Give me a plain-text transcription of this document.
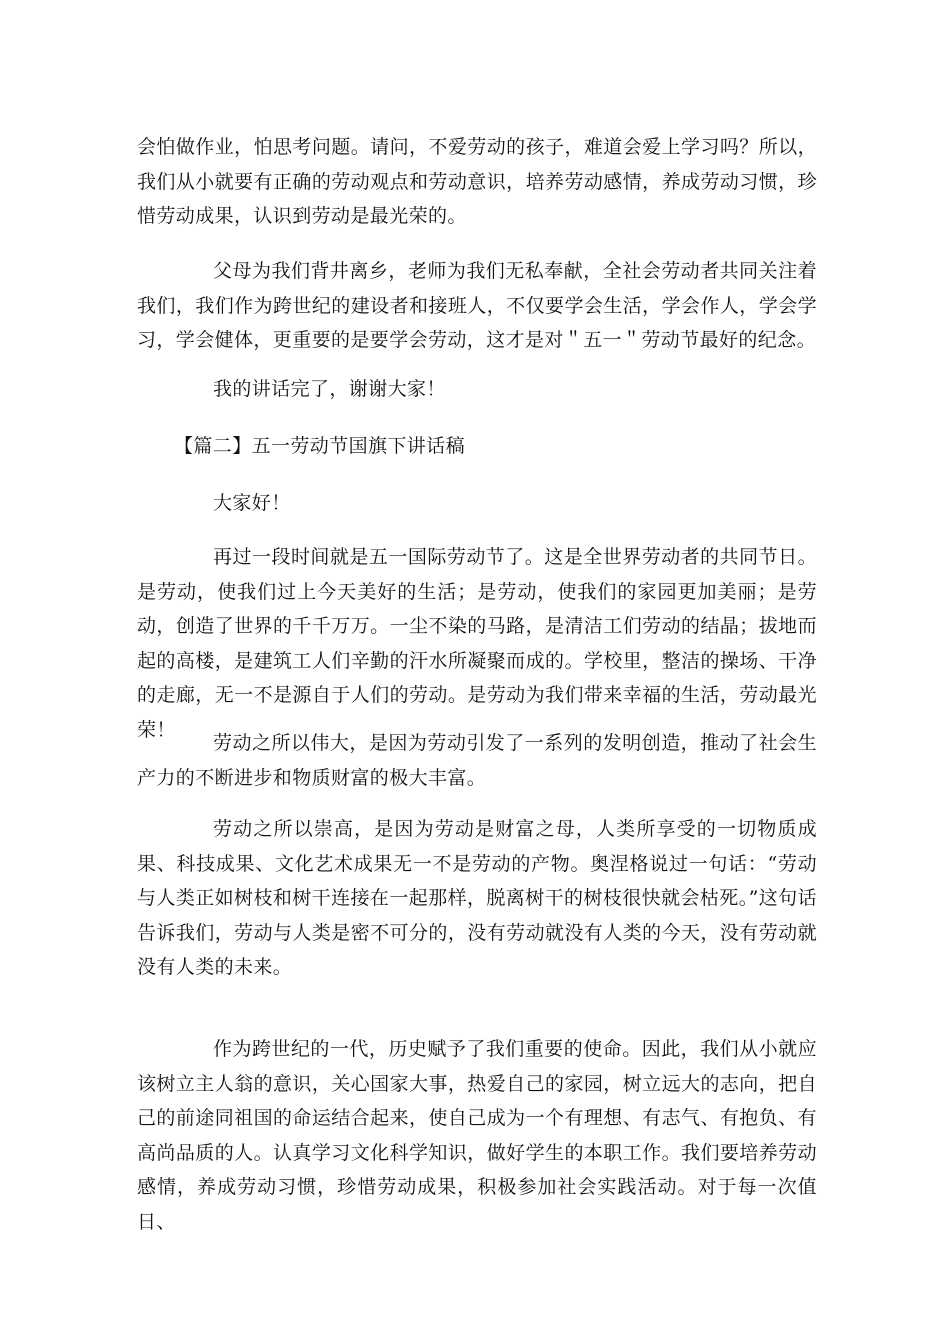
会怕做作业，怕思考问题。请问，不爱劳动的孩子，难道会爱上学习吗？所以，我们从小就要有正确的劳动观点和劳动意识，培养劳动感情，养成劳动习惯，珍惜劳动成果，认识到劳动是最光荣的。

父母为我们背井离乡，老师为我们无私奉献，全社会劳动者共同关注着我们，我们作为跨世纪的建设者和接班人，不仅要学会生活，学会作人，学会学习，学会健体，更重要的是要学会劳动，这才是对＂五一＂劳动节最好的纪念。

我的讲话完了，谢谢大家！

【篇二】五一劳动节国旗下讲话稿

大家好！

再过一段时间就是五一国际劳动节了。这是全世界劳动者的共同节日。是劳动，使我们过上今天美好的生活；是劳动，使我们的家园更加美丽；是劳动，创造了世界的千千万万。一尘不染的马路，是清洁工们劳动的结晶；拔地而起的高楼，是建筑工人们辛勤的汗水所凝聚而成的。学校里，整洁的操场、干净的走廊，无一不是源自于人们的劳动。是劳动为我们带来幸福的生活，劳动最光荣！

劳动之所以伟大，是因为劳动引发了一系列的发明创造，推动了社会生产力的不断进步和物质财富的极大丰富。

劳动之所以崇高，是因为劳动是财富之母，人类所享受的一切物质成果、科技成果、文化艺术成果无一不是劳动的产物。奥涅格说过一句话：“劳动与人类正如树枝和树干连接在一起那样，脱离树干的树枝很快就会枯死。”这句话告诉我们，劳动与人类是密不可分的，没有劳动就没有人类的今天，没有劳动就没有人类的未来。

作为跨世纪的一代，历史赋予了我们重要的使命。因此，我们从小就应该树立主人翁的意识，关心国家大事，热爱自己的家园，树立远大的志向，把自己的前途同祖国的命运结合起来，使自己成为一个有理想、有志气、有抱负、有高尚品质的人。认真学习文化科学知识，做好学生的本职工作。我们要培养劳动感情，养成劳动习惯，珍惜劳动成果，积极参加社会实践活动。对于每一次值日、
